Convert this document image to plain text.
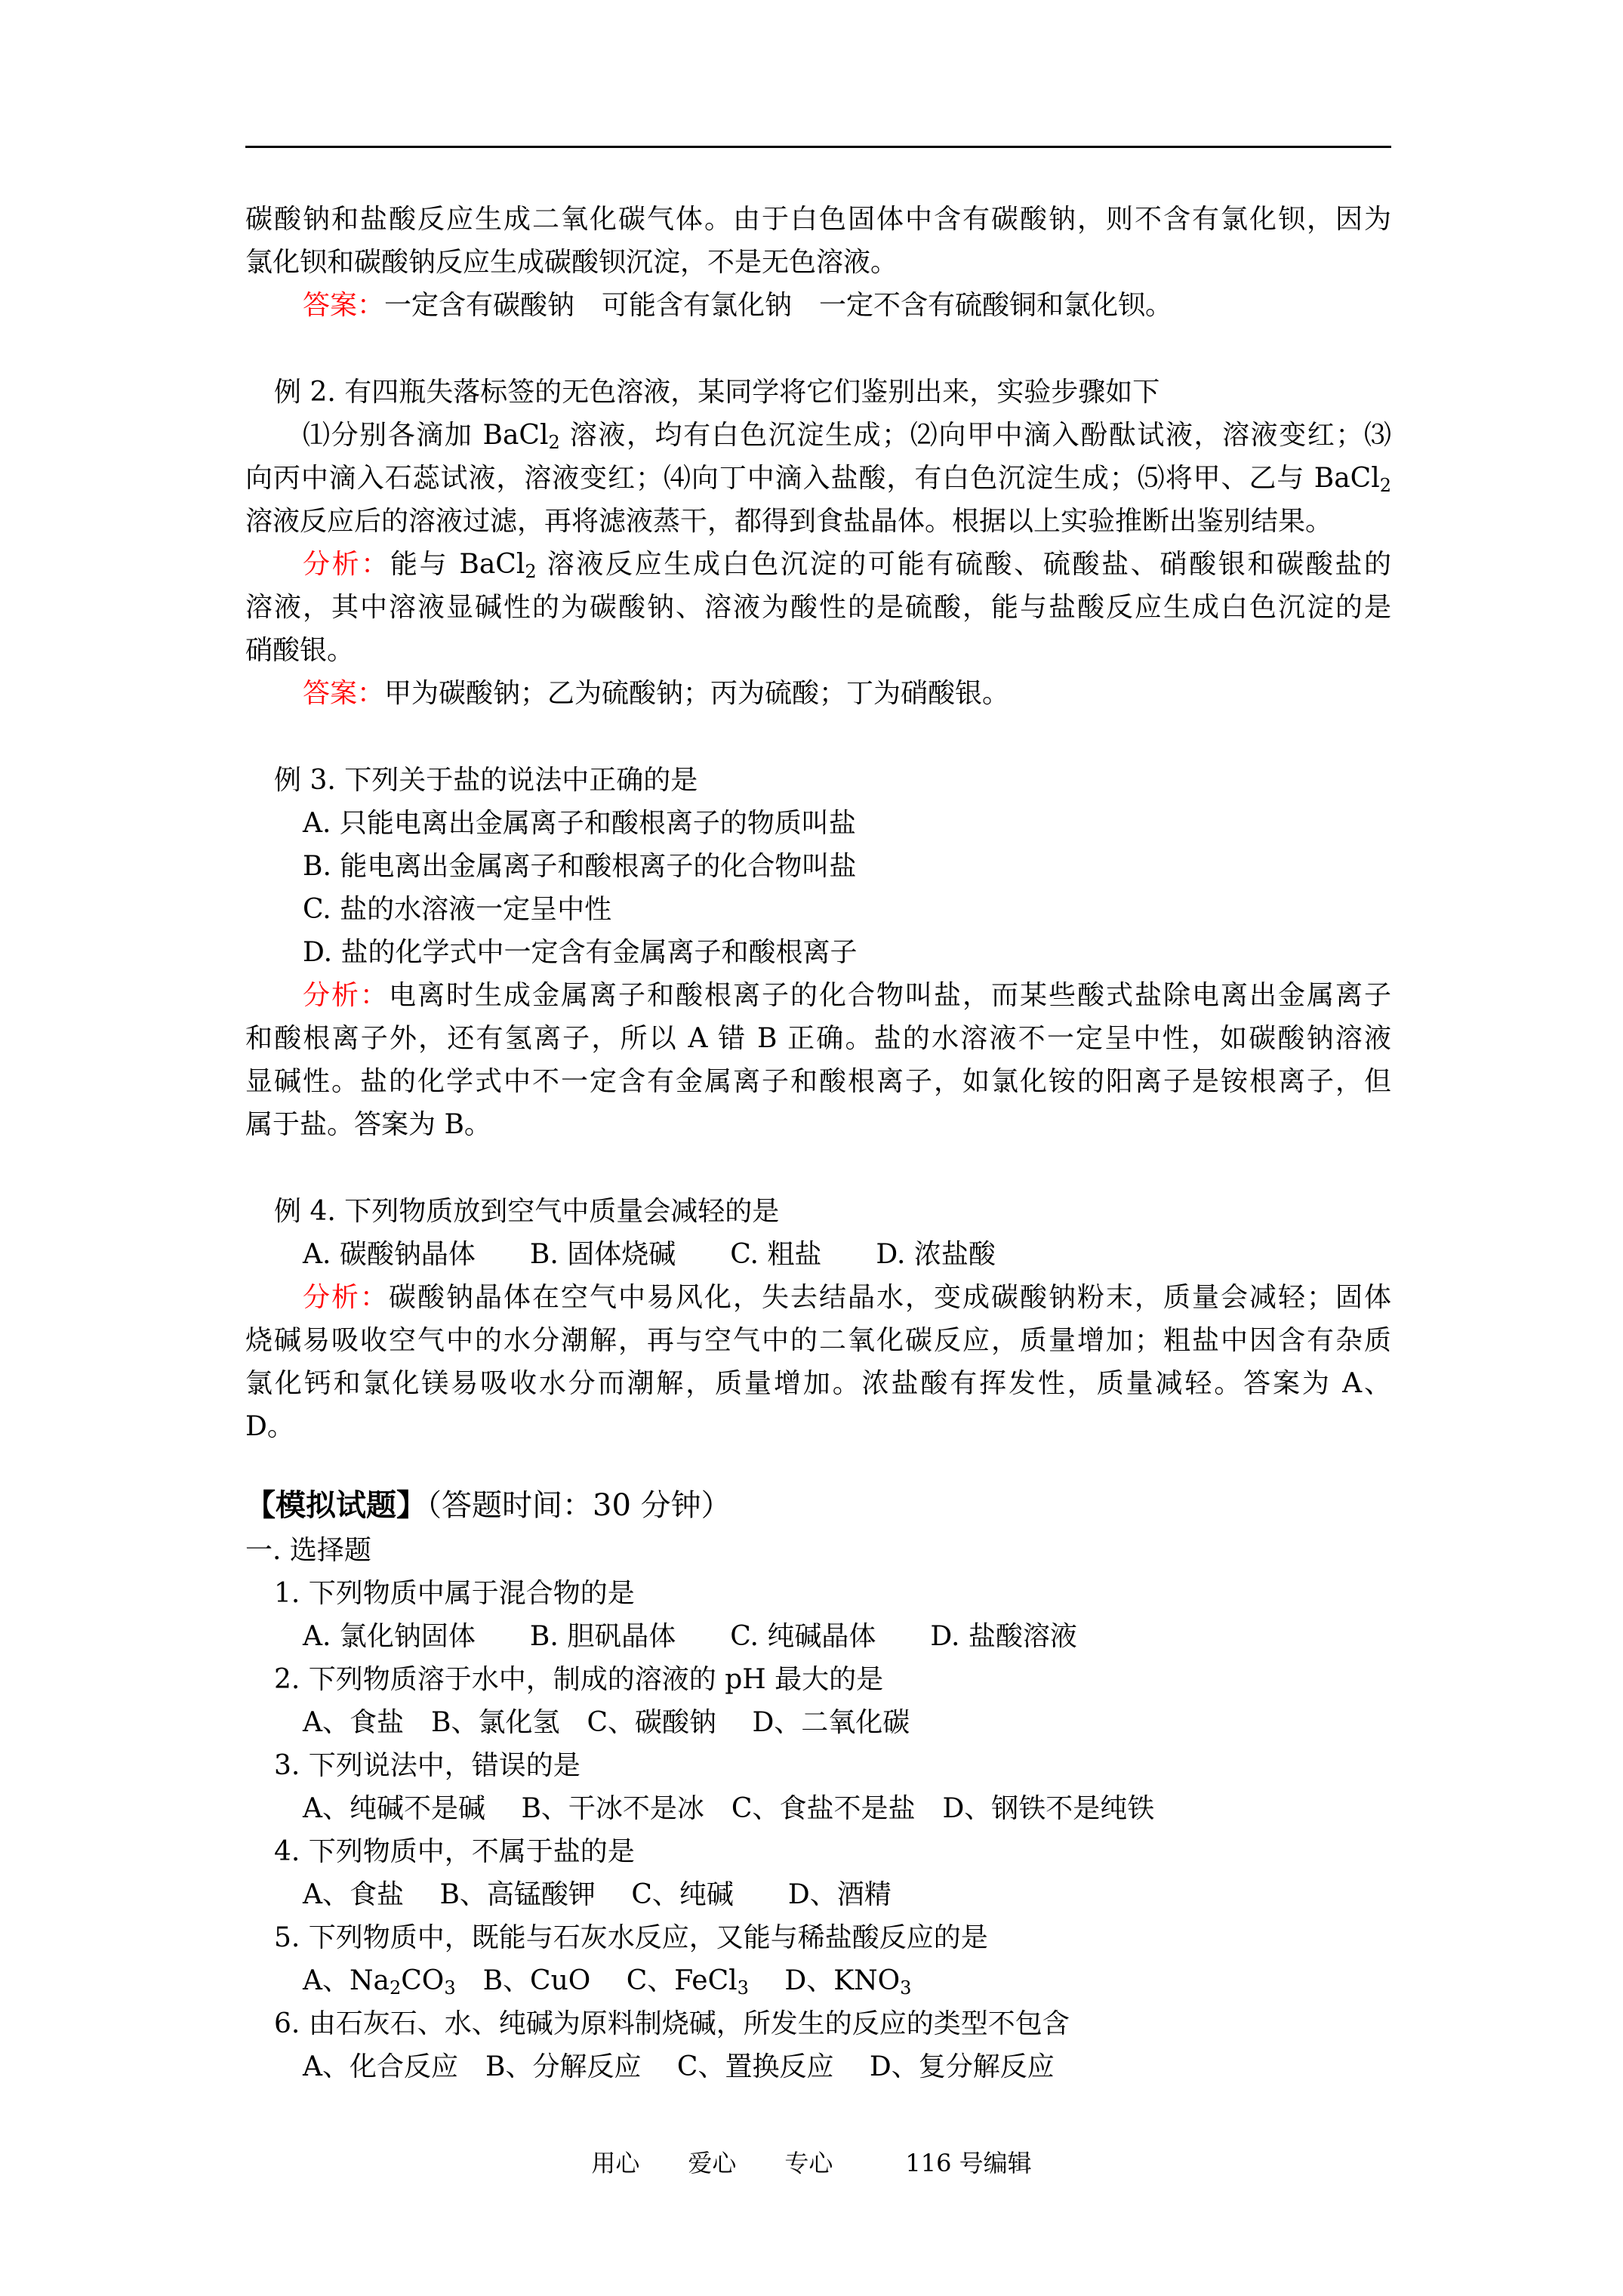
碳酸钠和盐酸反应生成二氧化碳气体。由于白色固体中含有碳酸钠，则不含有氯化钡，因为
氯化钡和碳酸钠反应生成碳酸钡沉淀，不是无色溶液。
答案：一定含有碳酸钠　可能含有氯化钠　一定不含有硫酸铜和氯化钡。
例 2. 有四瓶失落标签的无色溶液，某同学将它们鉴别出来，实验步骤如下
⑴分别各滴加 BaCl$_2$ 溶液，均有白色沉淀生成；⑵向甲中滴入酚酞试液，溶液变红；⑶
向丙中滴入石蕊试液，溶液变红；⑷向丁中滴入盐酸，有白色沉淀生成；⑸将甲、乙与 BaCl$_2$
溶液反应后的溶液过滤，再将滤液蒸干，都得到食盐晶体。根据以上实验推断出鉴别结果。
分析：能与 BaCl$_2$ 溶液反应生成白色沉淀的可能有硫酸、硫酸盐、硝酸银和碳酸盐的
溶液，其中溶液显碱性的为碳酸钠、溶液为酸性的是硫酸，能与盐酸反应生成白色沉淀的是
硝酸银。
答案：甲为碳酸钠；乙为硫酸钠；丙为硫酸；丁为硝酸银。
例 3. 下列关于盐的说法中正确的是
A. 只能电离出金属离子和酸根离子的物质叫盐
B. 能电离出金属离子和酸根离子的化合物叫盐
C. 盐的水溶液一定呈中性
D. 盐的化学式中一定含有金属离子和酸根离子
分析：电离时生成金属离子和酸根离子的化合物叫盐，而某些酸式盐除电离出金属离子
和酸根离子外，还有氢离子，所以 A 错 B 正确。盐的水溶液不一定呈中性，如碳酸钠溶液
显碱性。盐的化学式中不一定含有金属离子和酸根离子，如氯化铵的阳离子是铵根离子，但
属于盐。答案为 B。
例 4. 下列物质放到空气中质量会减轻的是
A. 碳酸钠晶体　　B. 固体烧碱　　C. 粗盐　　D. 浓盐酸
分析：碳酸钠晶体在空气中易风化，失去结晶水，变成碳酸钠粉末，质量会减轻；固体
烧碱易吸收空气中的水分潮解，再与空气中的二氧化碳反应，质量增加；粗盐中因含有杂质
氯化钙和氯化镁易吸收水分而潮解，质量增加。浓盐酸有挥发性，质量减轻。答案为 A、
D。
【模拟试题】（答题时间：30 分钟）
一. 选择题
1. 下列物质中属于混合物的是
A. 氯化钠固体　　B. 胆矾晶体　　C. 纯碱晶体　　D. 盐酸溶液
2. 下列物质溶于水中，制成的溶液的 pH 最大的是
A、食盐　B、氯化氢　C、碳酸钠　 D、二氧化碳
3. 下列说法中，错误的是
A、纯碱不是碱　 B、干冰不是冰　C、食盐不是盐　D、钢铁不是纯铁
4. 下列物质中，不属于盐的是
A、食盐　 B、高锰酸钾　 C、纯碱　　D、酒精
5. 下列物质中，既能与石灰水反应，又能与稀盐酸反应的是
A、$Na_2CO_3$　B、CuO　 C、FeCl$_3$　 D、$KNO_3$
6. 由石灰石、水、纯碱为原料制烧碱，所发生的反应的类型不包含
A、化合反应　B、分解反应　 C、置换反应　 D、复分解反应
用心　　爱心　　专心　　　116 号编辑
